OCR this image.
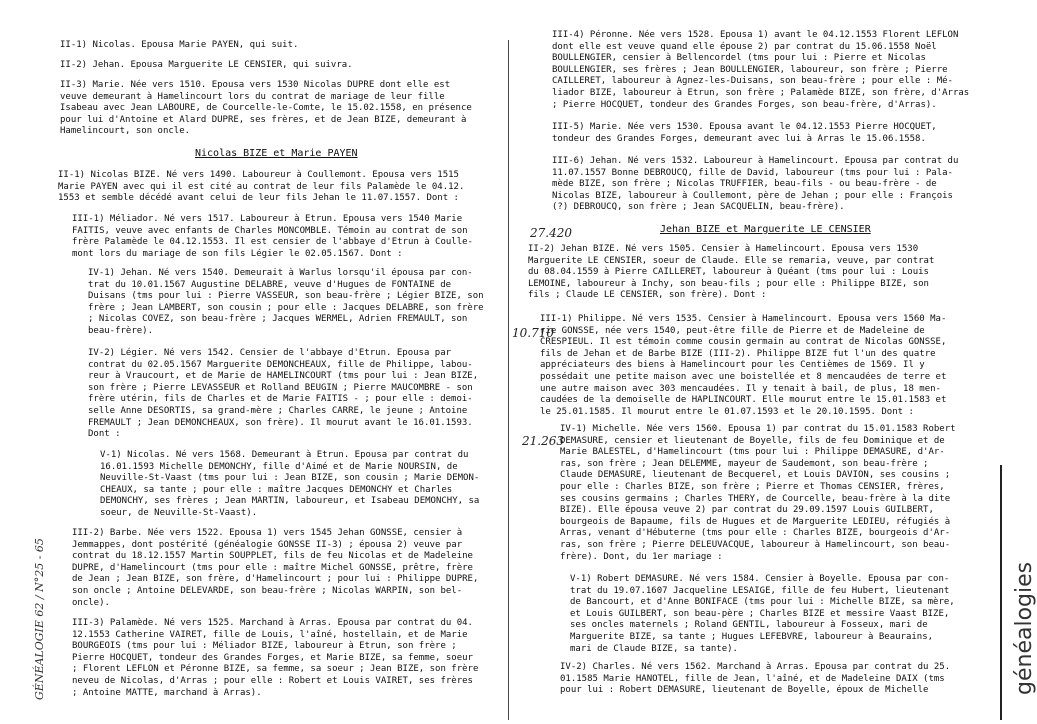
II-1) Nicolas. Epousa Marie PAYEN, qui suit.
II-2) Jehan. Epousa Marguerite LE CENSIER, qui suivra.
II-3) Marie. Née vers 1510. Epousa vers 1530 Nicolas DUPRE dont elle est
veuve demeurant à Hamelincourt lors du contrat de mariage de leur fille
Isabeau avec Jean LABOURE, de Courcelle-le-Comte, le 15.02.1558, en présence
pour lui d'Antoine et Alard DUPRE, ses frères, et de Jean BIZE, demeurant à
Hamelincourt, son oncle.
Nicolas BIZE et Marie PAYEN
II-1) Nicolas BIZE. Né vers 1490. Laboureur à Coullemont. Epousa vers 1515
Marie PAYEN avec qui il est cité au contrat de leur fils Palamède le 04.12.
1553 et semble décédé avant celui de leur fils Jehan le 11.07.1557. Dont :
III-1) Méliador. Né vers 1517. Laboureur à Etrun. Epousa vers 1540 Marie
FAITIS, veuve avec enfants de Charles MONCOMBLE. Témoin au contrat de son
frère Palamède le 04.12.1553. Il est censier de l'abbaye d'Etrun à Coulle-
mont lors du mariage de son fils Légier le 02.05.1567. Dont :
IV-1) Jehan. Né vers 1540. Demeurait à Warlus lorsqu'il épousa par con-
trat du 10.01.1567 Augustine DELABRE, veuve d'Hugues de FONTAINE de
Duisans (tms pour lui : Pierre VASSEUR, son beau-frère ; Légier BIZE, son
frère ; Jean LAMBERT, son cousin ; pour elle : Jacques DELABRE, son frère
; Nicolas COVEZ, son beau-frère ; Jacques WERMEL, Adrien FREMAULT, son
beau-frère).
IV-2) Légier. Né vers 1542. Censier de l'abbaye d'Etrun. Epousa par
contrat du 02.05.1567 Marguerite DEMONCHEAUX, fille de Philippe, labou-
reur à Vraucourt, et de Marie de HAMELINCOURT (tms pour lui : Jean BIZE,
son frère ; Pierre LEVASSEUR et Rolland BEUGIN ; Pierre MAUCOMBRE - son
frère utérin, fils de Charles et de Marie FAITIS - ; pour elle : demoi-
selle Anne DESORTIS, sa grand-mère ; Charles CARRE, le jeune ; Antoine
FREMAULT ; Jean DEMONCHEAUX, son frère). Il mourut avant le 16.01.1593.
Dont :
V-1) Nicolas. Né vers 1568. Demeurant à Etrun. Epousa par contrat du
16.01.1593 Michelle DEMONCHY, fille d'Aimé et de Marie NOURSIN, de
Neuville-St-Vaast (tms pour lui : Jean BIZE, son cousin ; Marie DEMON-
CHEAUX, sa tante ; pour elle : maître Jacques DEMONCHY et Charles
DEMONCHY, ses frères ; Jean MARTIN, laboureur, et Isabeau DEMONCHY, sa
soeur, de Neuville-St-Vaast).
III-2) Barbe. Née vers 1522. Epousa 1) vers 1545 Jehan GONSSE, censier à
Jemmappes, dont postérité (généalogie GONSSE II-3) ; épousa 2) veuve par
contrat du 18.12.1557 Martin SOUPPLET, fils de feu Nicolas et de Madeleine
DUPRE, d'Hamelincourt (tms pour elle : maître Michel GONSSE, prêtre, frère
de Jean ; Jean BIZE, son frère, d'Hamelincourt ; pour lui : Philippe DUPRE,
son oncle ; Antoine DELEVARDE, son beau-frère ; Nicolas WARPIN, son bel-
oncle).
III-3) Palamède. Né vers 1525. Marchand à Arras. Epousa par contrat du 04.
12.1553 Catherine VAIRET, fille de Louis, l'aîné, hostellain, et de Marie
BOURGEOIS (tms pour lui : Méliador BIZE, laboureur à Etrun, son frère ;
Pierre HOCQUET, tondeur des Grandes Forges, et Marie BIZE, sa femme, soeur
; Florent LEFLON et Péronne BIZE, sa femme, sa soeur ; Jean BIZE, son frère
neveu de Nicolas, d'Arras ; pour elle : Robert et Louis VAIRET, ses frères
; Antoine MATTE, marchand à Arras).
III-4) Péronne. Née vers 1528. Epousa 1) avant le 04.12.1553 Florent LEFLON
dont elle est veuve quand elle épouse 2) par contrat du 15.06.1558 Noël
BOULLENGIER, censier à Bellencordel (tms pour lui : Pierre et Nicolas
BOULLENGIER, ses frères ; Jean BOULLENGIER, laboureur, son frère ; Pierre
CAILLERET, laboureur à Agnez-les-Duisans, son beau-frère ; pour elle : Mé-
liador BIZE, laboureur à Etrun, son frère ; Palamède BIZE, son frère, d'Arras
; Pierre HOCQUET, tondeur des Grandes Forges, son beau-frère, d'Arras).
III-5) Marie. Née vers 1530. Epousa avant le 04.12.1553 Pierre HOCQUET,
tondeur des Grandes Forges, demeurant avec lui à Arras le 15.06.1558.
III-6) Jehan. Né vers 1532. Laboureur à Hamelincourt. Epousa par contrat du
11.07.1557 Bonne DEBROUCQ, fille de David, laboureur (tms pour lui : Pala-
mède BIZE, son frère ; Nicolas TRUFFIER, beau-fils - ou beau-frère - de
Nicolas BIZE, laboureur à Coullemont, père de Jehan ; pour elle : François
(?) DEBROUCQ, son frère ; Jean SACQUELIN, beau-frère).
27.420	Jehan BIZE et Marguerite LE CENSIER
II-2) Jehan BIZE. Né vers 1505. Censier à Hamelincourt. Epousa vers 1530
Marguerite LE CENSIER, soeur de Claude. Elle se remaria, veuve, par contrat
du 08.04.1559 à Pierre CAILLERET, laboureur à Quéant (tms pour lui : Louis
LEMOINE, laboureur à Inchy, son beau-fils ; pour elle : Philippe BIZE, son
fils ; Claude LE CENSIER, son frère). Dont :
10.710
III-1) Philippe. Né vers 1535. Censier à Hamelincourt. Epousa vers 1560 Ma-
rie GONSSE, née vers 1540, peut-être fille de Pierre et de Madeleine de
CRESPIEUL. Il est témoin comme cousin germain au contrat de Nicolas GONSSE,
fils de Jehan et de Barbe BIZE (III-2). Philippe BIZE fut l'un des quatre
appréciateurs des biens à Hamelincourt pour les Centièmes de 1569. Il y
possédait une petite maison avec une boistellée et 8 mencaudées de terre et
une autre maison avec 303 mencaudées. Il y tenait à bail, de plus, 18 men-
caudées de la demoiselle de HAPLINCOURT. Elle mourut entre le 15.01.1583 et
le 25.01.1585. Il mourut entre le 01.07.1593 et le 20.10.1595. Dont :
21.263
IV-1) Michelle. Née vers 1560. Epousa 1) par contrat du 15.01.1583 Robert
DEMASURE, censier et lieutenant de Boyelle, fils de feu Dominique et de
Marie BALESTEL, d'Hamelincourt (tms pour lui : Philippe DEMASURE, d'Ar-
ras, son frère ; Jean DELEMME, mayeur de Saudemont, son beau-frère ;
Claude DEMASURE, lieutenant de Becquerel, et Louis DAVION, ses cousins ;
pour elle : Charles BIZE, son frère ; Pierre et Thomas CENSIER, frères,
ses cousins germains ; Charles THERY, de Courcelle, beau-frère à la dite
BIZE). Elle épousa veuve 2) par contrat du 29.09.1597 Louis GUILBERT,
bourgeois de Bapaume, fils de Hugues et de Marguerite LEDIEU, réfugiés à
Arras, venant d'Hébuterne (tms pour elle : Charles BIZE, bourgeois d'Ar-
ras, son frère ; Pierre DELEUVACQUE, laboureur à Hamelincourt, son beau-
frère). Dont, du 1er mariage :
V-1) Robert DEMASURE. Né vers 1584. Censier à Boyelle. Epousa par con-
trat du 19.07.1607 Jacqueline LESAIGE, fille de feu Hubert, lieutenant
de Bancourt, et d'Anne BONIFACE (tms pour lui : Michelle BIZE, sa mère,
et Louis GUILBERT, son beau-père ; Charles BIZE et messire Vaast BIZE,
ses oncles maternels ; Roland GENTIL, laboureur à Fosseux, mari de
Marguerite BIZE, sa tante ; Hugues LEFEBVRE, laboureur à Beaurains,
mari de Claude BIZE, sa tante).
IV-2) Charles. Né vers 1562. Marchand à Arras. Epousa par contrat du 25.
01.1585 Marie HANOTEL, fille de Jean, l'aîné, et de Madeleine DAIX (tms
pour lui : Robert DEMASURE, lieutenant de Boyelle, époux de Michelle
GÉNÉALOGIE 62 / N°25 - 65	généalogies
